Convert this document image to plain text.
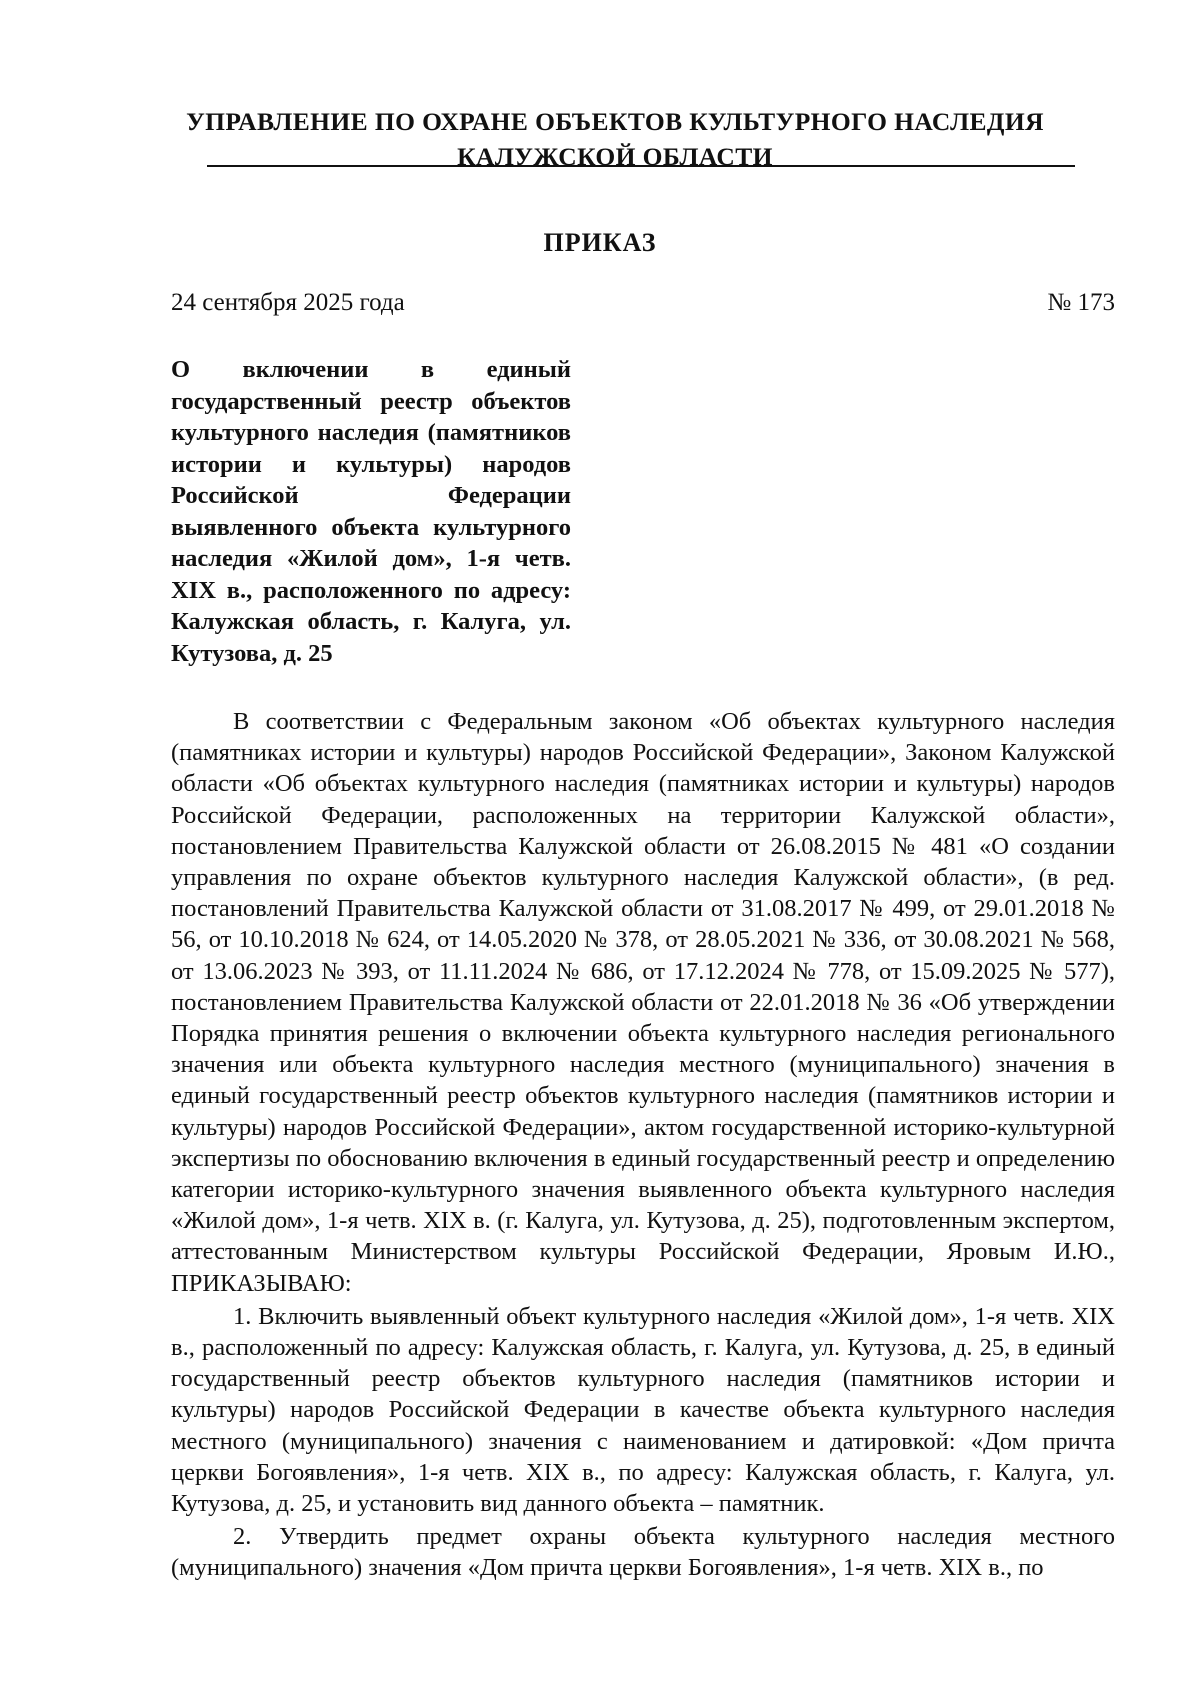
УПРАВЛЕНИЕ ПО ОХРАНЕ ОБЪЕКТОВ КУЛЬТУРНОГО НАСЛЕДИЯ
КАЛУЖСКОЙ ОБЛАСТИ
ПРИКАЗ
24 сентября 2025 года	№ 173
О включении в единый государственный реестр объектов культурного наследия (памятников истории и культуры) народов Российской Федерации выявленного объекта культурного наследия «Жилой дом», 1-я четв. XIX в., расположенного по адресу: Калужская область, г. Калуга, ул. Кутузова, д. 25

В соответствии с Федеральным законом «Об объектах культурного наследия (памятниках истории и культуры) народов Российской Федерации», Законом Калужской области «Об объектах культурного наследия (памятниках истории и культуры) народов Российской Федерации, расположенных на территории Калужской области», постановлением Правительства Калужской области от 26.08.2015 № 481 «О создании управления по охране объектов культурного наследия Калужской области», (в ред. постановлений Правительства Калужской области от 31.08.2017 № 499, от 29.01.2018 № 56, от 10.10.2018 № 624, от 14.05.2020 № 378, от 28.05.2021 № 336, от 30.08.2021 № 568, от 13.06.2023 № 393, от 11.11.2024 № 686, от 17.12.2024 № 778, от 15.09.2025 № 577), постановлением Правительства Калужской области от 22.01.2018 № 36 «Об утверждении Порядка принятия решения о включении объекта культурного наследия регионального значения или объекта культурного наследия местного (муниципального) значения в единый государственный реестр объектов культурного наследия (памятников истории и культуры) народов Российской Федерации», актом государственной историко-культурной экспертизы по обоснованию включения в единый государственный реестр и определению категории историко-культурного значения выявленного объекта культурного наследия «Жилой дом», 1-я четв. XIX в. (г. Калуга, ул. Кутузова, д. 25), подготовленным экспертом, аттестованным Министерством культуры Российской Федерации, Яровым И.Ю., ПРИКАЗЫВАЮ:

1. Включить выявленный объект культурного наследия «Жилой дом», 1-я четв. XIX в., расположенный по адресу: Калужская область, г. Калуга, ул. Кутузова, д. 25, в единый государственный реестр объектов культурного наследия (памятников истории и культуры) народов Российской Федерации в качестве объекта культурного наследия местного (муниципального) значения с наименованием и датировкой: «Дом причта церкви Богоявления», 1-я четв. XIX в., по адресу: Калужская область, г. Калуга, ул. Кутузова, д. 25, и установить вид данного объекта – памятник.

2. Утвердить предмет охраны объекта культурного наследия местного (муниципального) значения «Дом причта церкви Богоявления», 1-я четв. XIX в., по
